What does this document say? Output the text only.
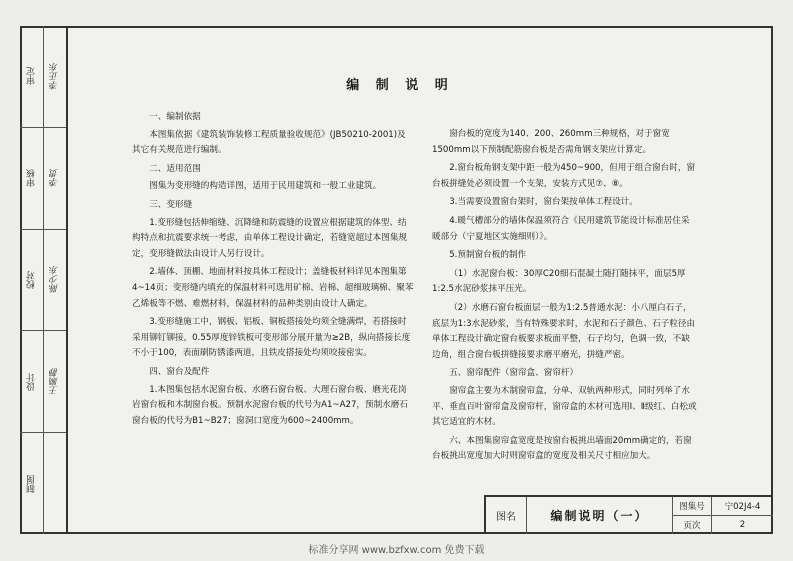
审定 李正东
审核 李贵
校对 陈少东
设计 王顺静
制图
编 制 说 明

一、编制依据

本图集依据《建筑装饰装修工程质量验收规范》(JB50210-2001)及其它有关规范进行编制。

二、适用范围

图集为变形缝的构造详图，适用于民用建筑和一般工业建筑。

三、变形缝

1.变形缝包括伸缩缝、沉降缝和防震缝的设置应根据建筑的体型、结构特点和抗震要求统一考虑，由单体工程设计确定，若缝宽超过本图集规定，变形缝做法由设计人另行设计。

2.墙体、顶棚、地面材料按具体工程设计；盖缝板材料详见本图集第4~14页；变形缝内填充的保温材料可选用矿棉、岩棉、超细玻璃棉、聚苯乙烯板等不燃、难燃材料，保温材料的品种类别由设计人确定。

3.变形缝施工中，钢板、铝板、铜板搭接处均须全缝满焊，若搭接时采用铆钉铆接，0.55厚度锌铁板可变形部分展开量为≥2B，纵向搭接长度不小于100，表面刷防锈漆两道，且铁皮搭接处均须咬接密实。

四、窗台及配件

1.本图集包括水泥窗台板、水磨石窗台板、大理石窗台板、磨光花岗岩窗台板和木制窗台板。预制水泥窗台板的代号为A1~A27，预制水磨石窗台板的代号为B1~B27；窗洞口宽度为600~2400mm。

窗台板的宽度为140、200、260mm三种规格，对于窗宽1500mm以下预制配筋窗台板是否需角钢支架应计算定。

2.窗台板角钢支架中距一般为450~900，但用于组合窗台时，窗台板拼缝处必须设置一个支架，安装方式见⑦、⑧。

3.当需要设置窗台架时，窗台架按单体工程设计。

4.暖气槽部分的墙体保温须符合《民用建筑节能设计标准居住采暖部分（宁夏地区实施细则）》。

5.预制窗台板的制作

（1）水泥窗台板：30厚C20细石混凝土随打随抹平，面层5厚1:2.5水泥砂浆抹平压光。

（2）水磨石窗台板面层一般为1:2.5普通水泥：小八厘白石子，底层为1:3水泥砂浆，当有特殊要求时，水泥和石子颜色、石子粒径由单体工程设计确定窗台板要求板面平整，石子均匀，色调一致，不缺边角，组合窗台板拼缝接要求磨平磨光，拼缝严密。

五、窗帘配件（窗帘盒、窗帘杆）

窗帘盒主要为木制窗帘盒，分单、双轨两种形式，同时列举了水平、垂直百叶窗帘盒及窗帘杆，窗帘盒的木材可选用Ⅰ、Ⅱ级红、白松或其它适宜的木材。

六、本图集窗帘盒宽度是按窗台板挑出墙面20mm确定的，若窗台板挑出宽度加大时则窗帘盒的宽度及相关尺寸相应加大。

图名	编制说明（一）
图集号	宁02J4-4
页次	2
标准分享网 www.bzfxw.com 免费下载
